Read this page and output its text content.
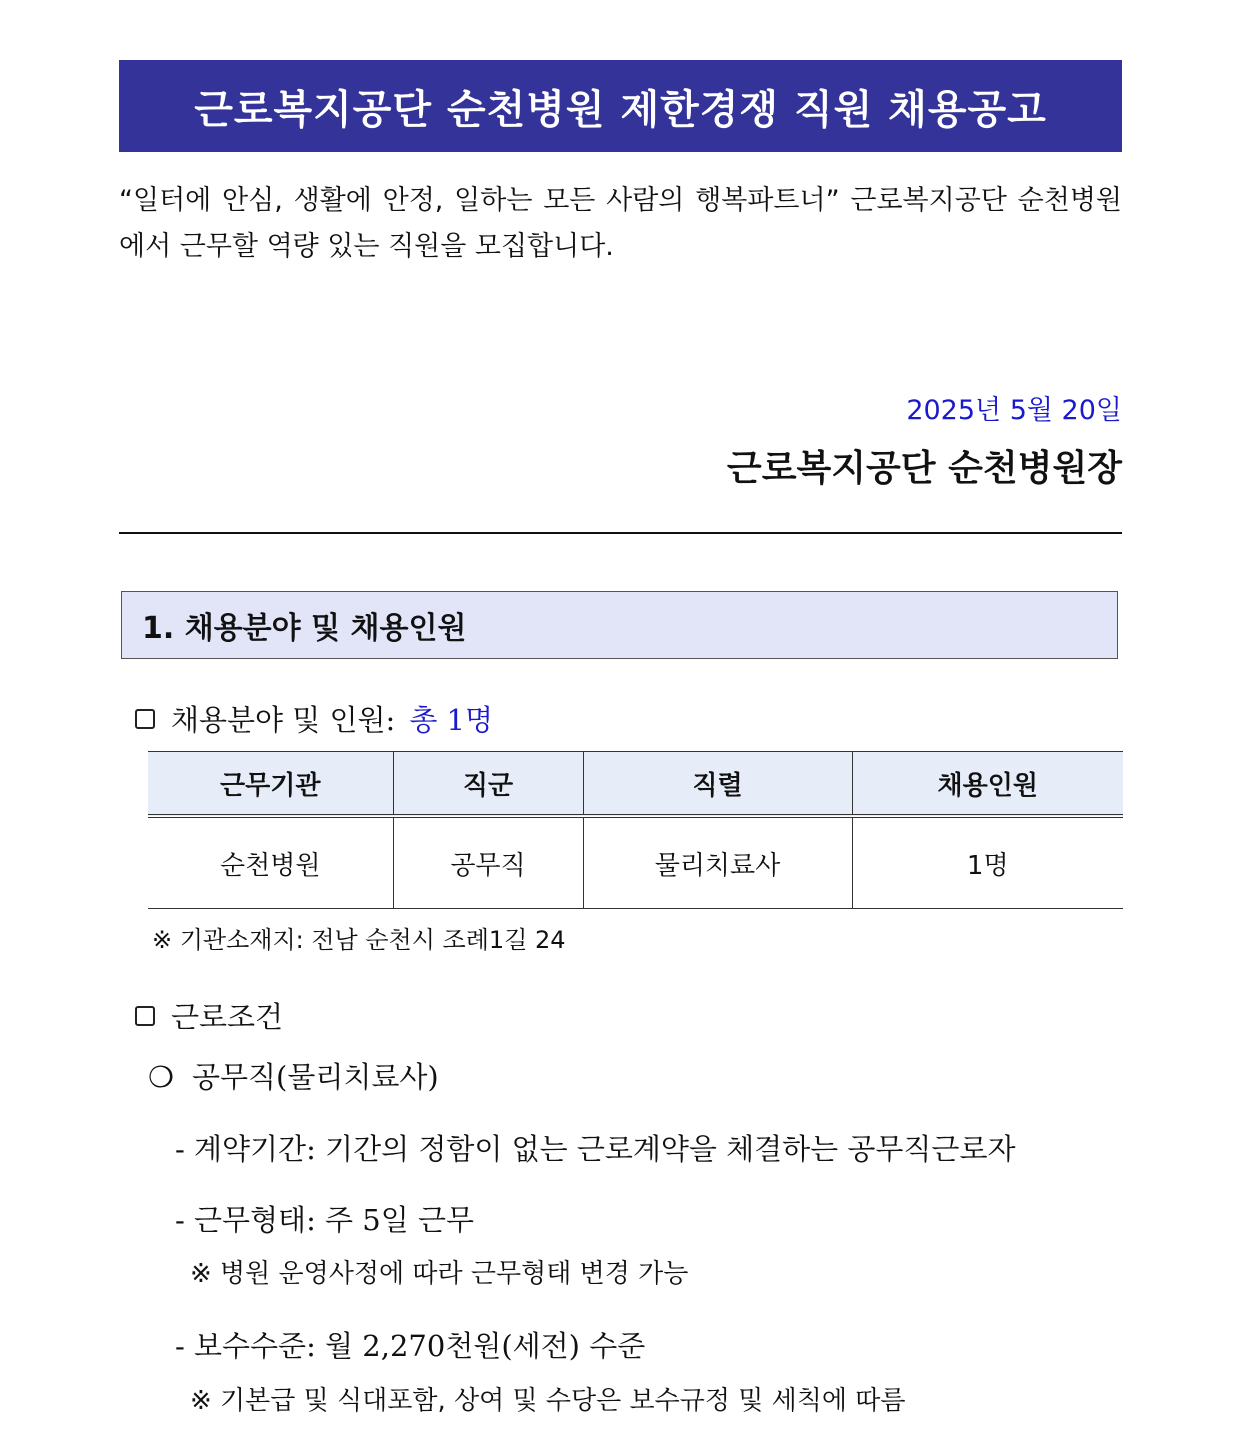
근로복지공단 순천병원 제한경쟁 직원 채용공고
“일터에 안심, 생활에 안정, 일하는 모든 사람의 행복파트너” 근로복지공단 순천병원에서 근무할 역량 있는 직원을 모집합니다.
2025년 5월 20일
근로복지공단 순천병원장
1. 채용분야 및 채용인원
채용분야 및 인원: 총 1명
근무기관	직군	직렬	채용인원
순천병원	공무직	물리치료사	1명
※ 기관소재지: 전남 순천시 조례1길 24
근로조건
❍ 공무직(물리치료사)
- 계약기간: 기간의 정함이 없는 근로계약을 체결하는 공무직근로자
- 근무형태: 주 5일 근무
※ 병원 운영사정에 따라 근무형태 변경 가능
- 보수수준: 월 2,270천원(세전) 수준
※ 기본급 및 식대포함, 상여 및 수당은 보수규정 및 세칙에 따름
